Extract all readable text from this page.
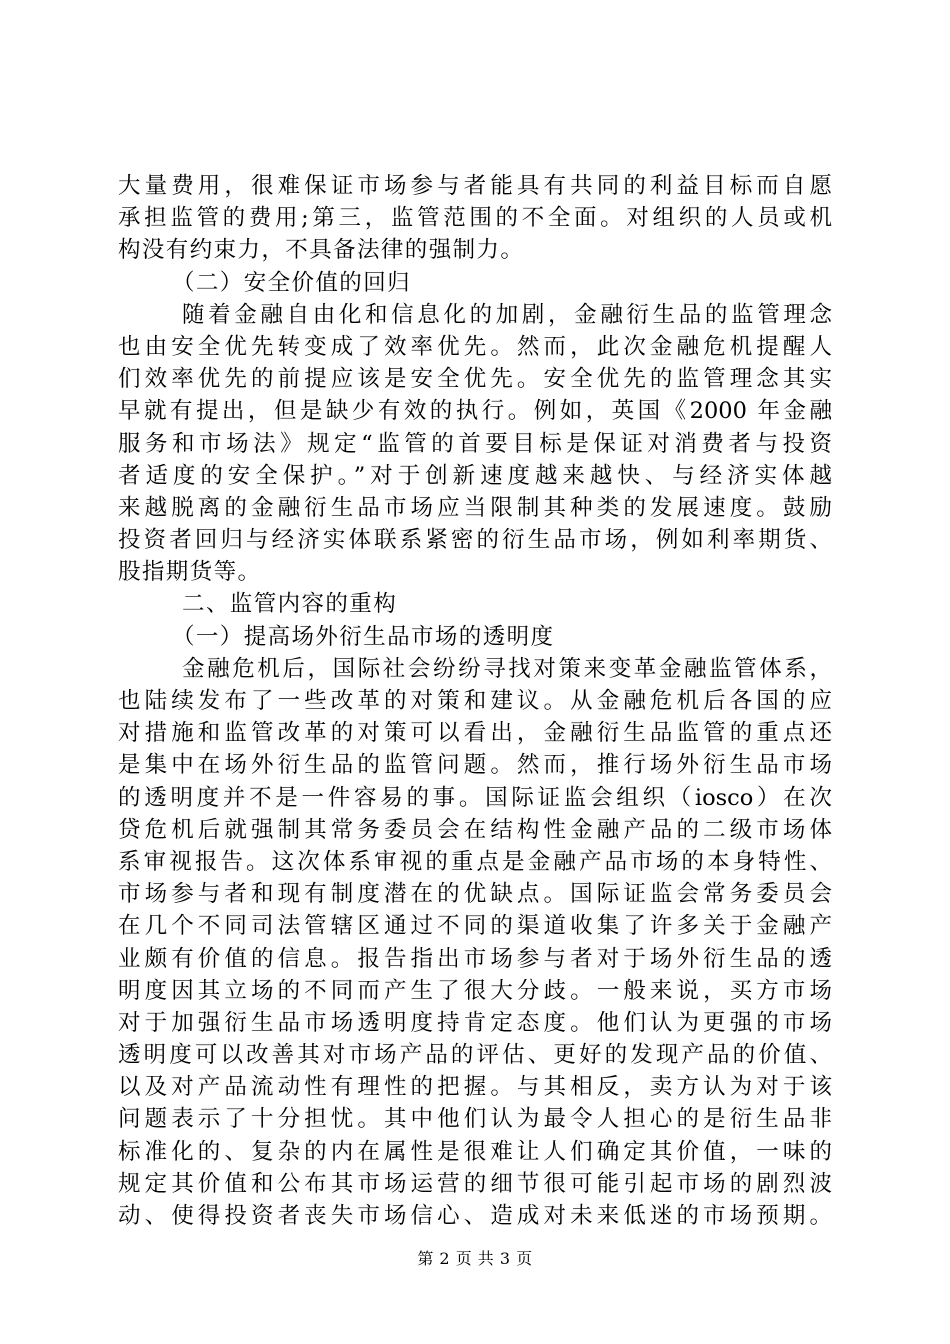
大量费用，很难保证市场参与者能具有共同的利益目标而自愿
承担监管的费用;第三，监管范围的不全面。对组织的人员或机
构没有约束力，不具备法律的强制力。
（二）安全价值的回归
随着金融自由化和信息化的加剧，金融衍生品的监管理念
也由安全优先转变成了效率优先。然而，此次金融危机提醒人
们效率优先的前提应该是安全优先。安全优先的监管理念其实
早就有提出，但是缺少有效的执行。例如，英国《2000 年金融
服务和市场法》规定“监管的首要目标是保证对消费者与投资
者适度的安全保护。”对于创新速度越来越快、与经济实体越
来越脱离的金融衍生品市场应当限制其种类的发展速度。鼓励
投资者回归与经济实体联系紧密的衍生品市场，例如利率期货、
股指期货等。
二、监管内容的重构
（一）提高场外衍生品市场的透明度
金融危机后，国际社会纷纷寻找对策来变革金融监管体系，
也陆续发布了一些改革的对策和建议。从金融危机后各国的应
对措施和监管改革的对策可以看出，金融衍生品监管的重点还
是集中在场外衍生品的监管问题。然而，推行场外衍生品市场
的透明度并不是一件容易的事。国际证监会组织（iosco）在次
贷危机后就强制其常务委员会在结构性金融产品的二级市场体
系审视报告。这次体系审视的重点是金融产品市场的本身特性、
市场参与者和现有制度潜在的优缺点。国际证监会常务委员会
在几个不同司法管辖区通过不同的渠道收集了许多关于金融产
业颇有价值的信息。报告指出市场参与者对于场外衍生品的透
明度因其立场的不同而产生了很大分歧。一般来说，买方市场
对于加强衍生品市场透明度持肯定态度。他们认为更强的市场
透明度可以改善其对市场产品的评估、更好的发现产品的价值、
以及对产品流动性有理性的把握。与其相反，卖方认为对于该
问题表示了十分担忧。其中他们认为最令人担心的是衍生品非
标准化的、复杂的内在属性是很难让人们确定其价值，一味的
规定其价值和公布其市场运营的细节很可能引起市场的剧烈波
动、使得投资者丧失市场信心、造成对未来低迷的市场预期。
第 2 页 共 3 页
